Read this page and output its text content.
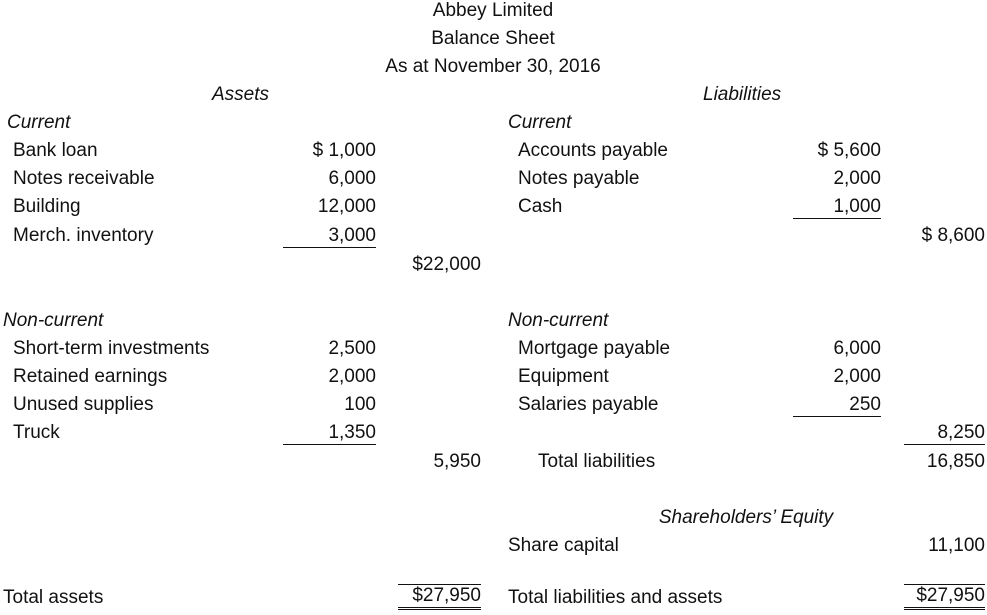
Abbey Limited
Balance Sheet
As at November 30, 2016
Assets	Liabilities
Current
Bank loan	$ 1,000
Notes receivable	6,000
Building	12,000
Merch. inventory	3,000
$22,000
Non-current
Short-term investments	2,500
Retained earnings	2,000
Unused supplies	100
Truck	1,350
5,950
Current
Accounts payable	$ 5,600
Notes payable	2,000
Cash	1,000
$ 8,600
Non-current
Mortgage payable	6,000
Equipment	2,000
Salaries payable	250
8,250
Total liabilities	16,850
Shareholders’ Equity
Share capital	11,100
Total assets	$27,950 Total liabilities and assets	$27,950
